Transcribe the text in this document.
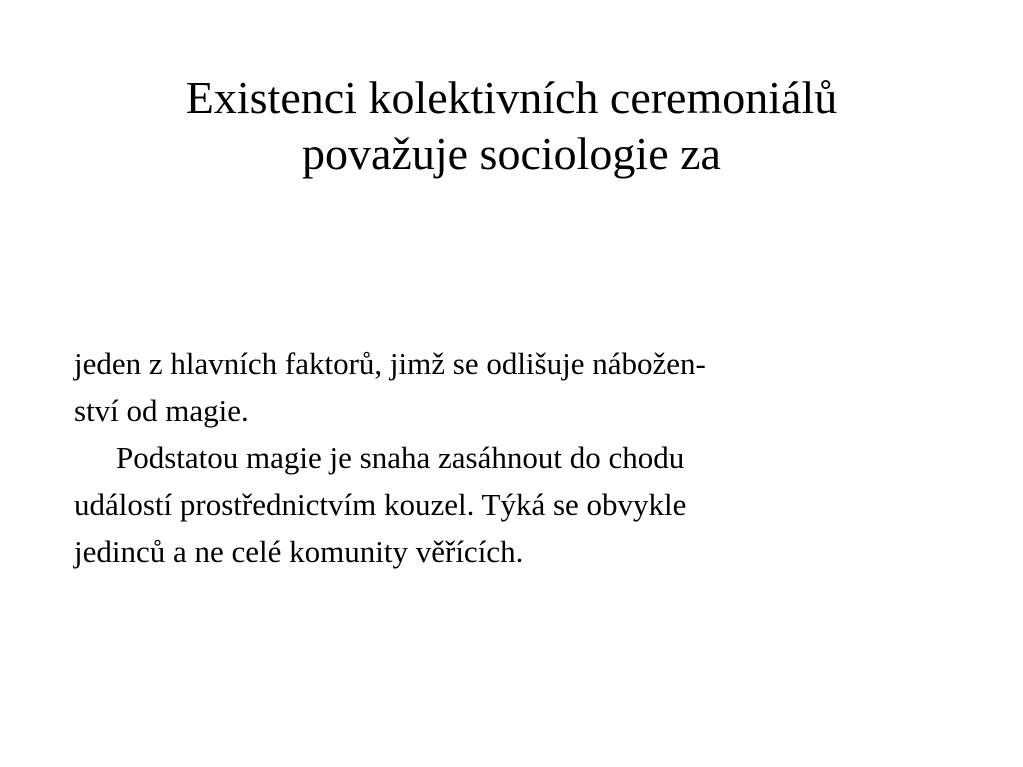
Existenci kolektivních ceremoniálů
považuje sociologie za
jeden z hlavních faktorů, jimž se odlišuje nábožen-
ství od magie.
Podstatou magie je snaha zasáhnout do chodu
událostí prostřednictvím kouzel. Týká se obvykle
jedinců a ne celé komunity věřících.
